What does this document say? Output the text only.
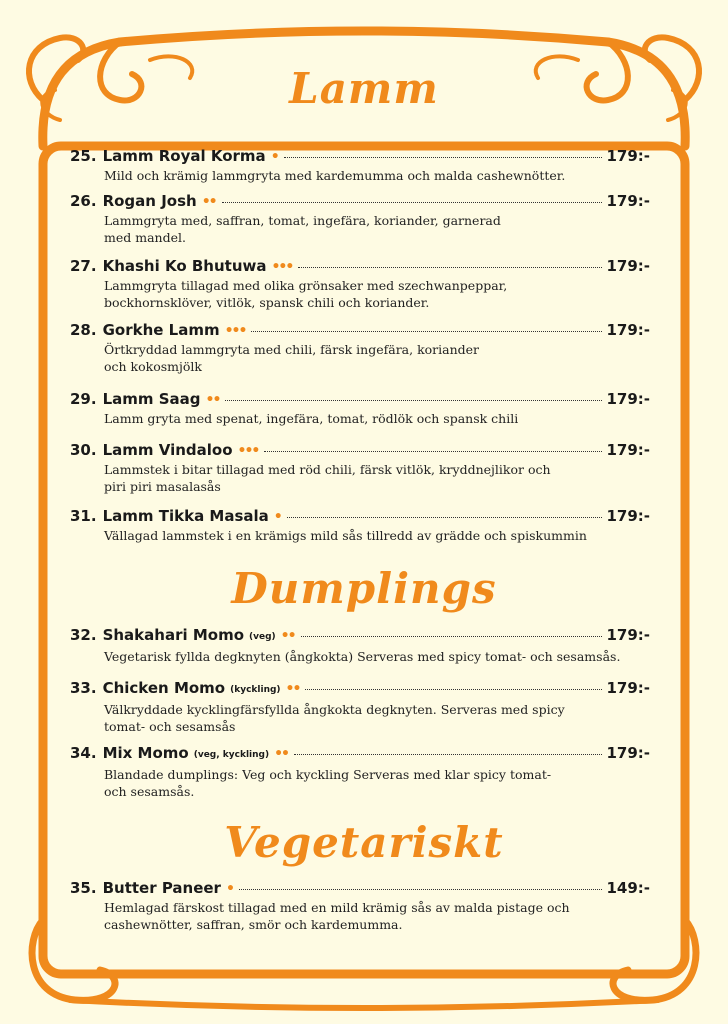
Lamm
25. Lamm Royal Korma •	179:-
Mild och krämig lammgryta med kardemumma och malda cashewnötter.
26. Rogan Josh ••	179:-
Lammgryta med, saffran, tomat, ingefära, koriander, garnerad
med mandel.
27. Khashi Ko Bhutuwa •••	179:-
Lammgryta tillagad med olika grönsaker med szechwanpeppar,
bockhornsklöver, vitlök, spansk chili och koriander.
28. Gorkhe Lamm •••	179:-
Örtkryddad lammgryta med chili, färsk ingefära, koriander
och kokosmjölk
29. Lamm Saag ••	179:-
Lamm gryta med spenat, ingefära, tomat, rödlök och spansk chili
30. Lamm Vindaloo •••	179:-
Lammstek i bitar tillagad med röd chili, färsk vitlök, kryddnejlikor och
piri piri masalasås
31. Lamm Tikka Masala •	179:-
Vällagad lammstek i en krämigs mild sås tillredd av grädde och spiskummin
Dumplings
32. Shakahari Momo (veg) ••	179:-
Vegetarisk fyllda degknyten (ångkokta) Serveras med spicy tomat- och sesamsås.
33. Chicken Momo (kyckling) ••	179:-
Välkryddade kycklingfärsfyllda ångkokta degknyten. Serveras med spicy
tomat- och sesamsås
34. Mix Momo (veg, kyckling) ••	179:-
Blandade dumplings: Veg och kyckling Serveras med klar spicy tomat-
och sesamsås.
Vegetariskt
35. Butter Paneer •	149:-
Hemlagad färskost tillagad med en mild krämig sås av malda pistage och
cashewnötter, saffran, smör och kardemumma.
